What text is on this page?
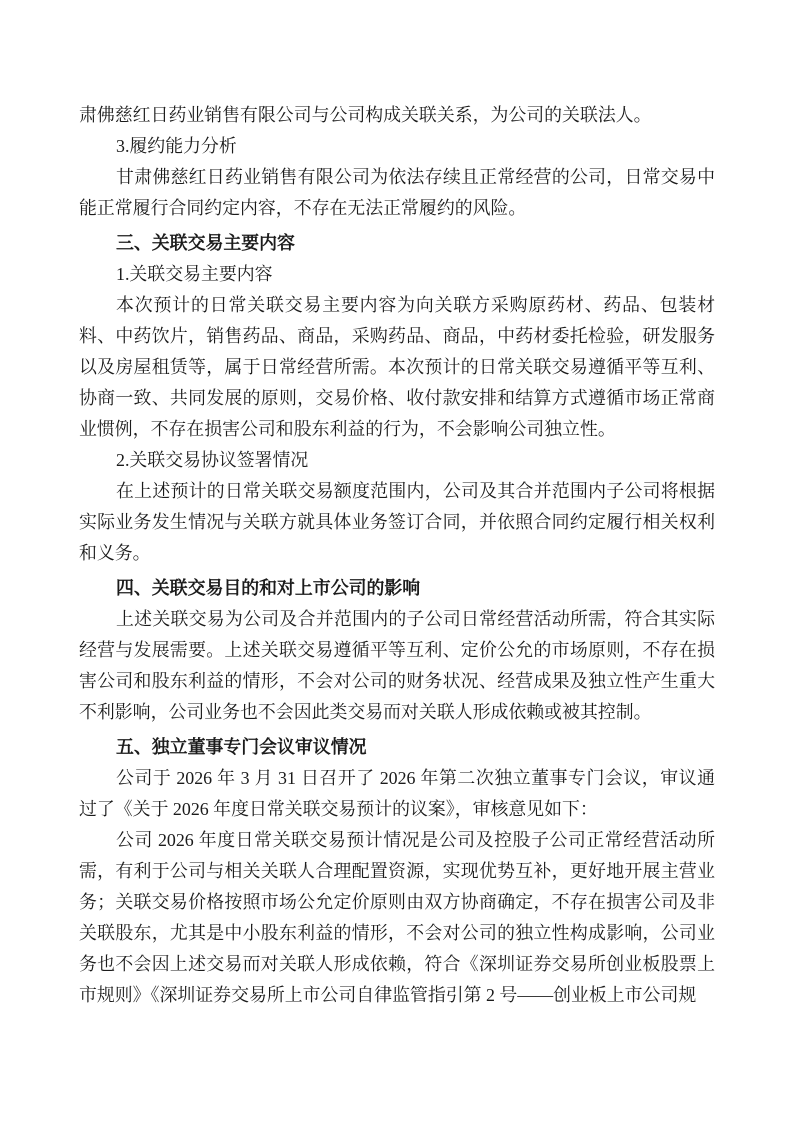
肃佛慈红日药业销售有限公司与公司构成关联关系，为公司的关联法人。

3.履约能力分析

甘肃佛慈红日药业销售有限公司为依法存续且正常经营的公司，日常交易中能正常履行合同约定内容，不存在无法正常履约的风险。

三、关联交易主要内容

1.关联交易主要内容

本次预计的日常关联交易主要内容为向关联方采购原药材、药品、包装材料、中药饮片，销售药品、商品，采购药品、商品，中药材委托检验，研发服务以及房屋租赁等，属于日常经营所需。本次预计的日常关联交易遵循平等互利、协商一致、共同发展的原则，交易价格、收付款安排和结算方式遵循市场正常商业惯例，不存在损害公司和股东利益的行为，不会影响公司独立性。

2.关联交易协议签署情况

在上述预计的日常关联交易额度范围内，公司及其合并范围内子公司将根据实际业务发生情况与关联方就具体业务签订合同，并依照合同约定履行相关权利和义务。

四、关联交易目的和对上市公司的影响

上述关联交易为公司及合并范围内的子公司日常经营活动所需，符合其实际经营与发展需要。上述关联交易遵循平等互利、定价公允的市场原则，不存在损害公司和股东利益的情形，不会对公司的财务状况、经营成果及独立性产生重大不利影响，公司业务也不会因此类交易而对关联人形成依赖或被其控制。

五、独立董事专门会议审议情况

公司于 2026 年 3 月 31 日召开了 2026 年第二次独立董事专门会议，审议通过了《关于 2026 年度日常关联交易预计的议案》，审核意见如下：

公司 2026 年度日常关联交易预计情况是公司及控股子公司正常经营活动所需，有利于公司与相关关联人合理配置资源，实现优势互补，更好地开展主营业务；关联交易价格按照市场公允定价原则由双方协商确定，不存在损害公司及非关联股东，尤其是中小股东利益的情形，不会对公司的独立性构成影响，公司业务也不会因上述交易而对关联人形成依赖，符合《深圳证券交易所创业板股票上市规则》《深圳证券交易所上市公司自律监管指引第 2 号——创业板上市公司规
